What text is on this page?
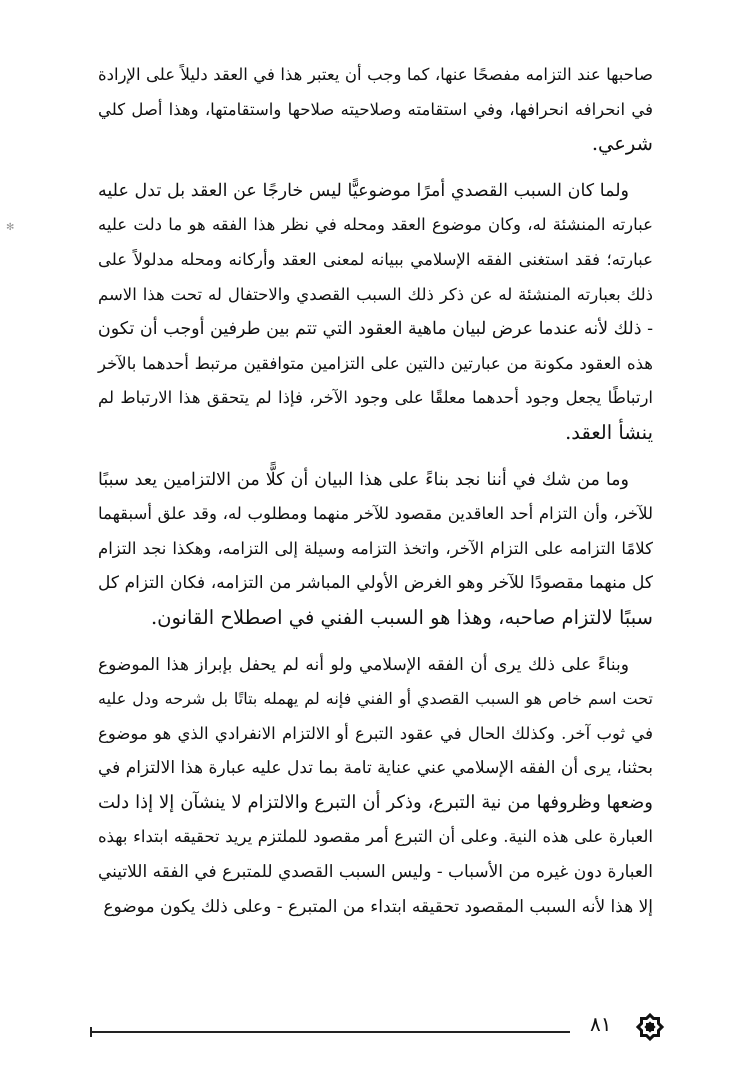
✻
صاحبها عند التزامه مفصحًا عنها، كما وجب أن يعتبر هذا في العقد دليلاً على الإرادة
في انحرافه انحرافها، وفي استقامته وصلاحيته صلاحها واستقامتها، وهذا أصل كلي
شرعي.
ولما كان السبب القصدي أمرًا موضوعيًّا ليس خارجًا عن العقد بل تدل عليه
عبارته المنشئة له، وكان موضوع العقد ومحله في نظر هذا الفقه هو ما دلت عليه
عبارته؛ فقد استغنى الفقه الإسلامي ببيانه لمعنى العقد وأركانه ومحله مدلولاً على
ذلك بعبارته المنشئة له عن ذكر ذلك السبب القصدي والاحتفال له تحت هذا الاسم
- ذلك لأنه عندما عرض لبيان ماهية العقود التي تتم بين طرفين أوجب أن تكون
هذه العقود مكونة من عبارتين دالتين على التزامين متوافقين مرتبط أحدهما بالآخر
ارتباطًا يجعل وجود أحدهما معلقًا على وجود الآخر، فإذا لم يتحقق هذا الارتباط لم
ينشأ العقد.
وما من شك في أننا نجد بناءً على هذا البيان أن كلًّا من الالتزامين يعد سببًا
للآخر، وأن التزام أحد العاقدين مقصود للآخر منهما ومطلوب له، وقد علق أسبقهما
كلامًا التزامه على التزام الآخر، واتخذ التزامه وسيلة إلى التزامه، وهكذا نجد التزام
كل منهما مقصودًا للآخر وهو الغرض الأولي المباشر من التزامه، فكان التزام كل
سببًا لالتزام صاحبه، وهذا هو السبب الفني في اصطلاح القانون.
وبناءً على ذلك يرى أن الفقه الإسلامي ولو أنه لم يحفل بإبراز هذا الموضوع
تحت اسم خاص هو السبب القصدي أو الفني فإنه لم يهمله بتاتًا بل شرحه ودل عليه
في ثوب آخر. وكذلك الحال في عقود التبرع أو الالتزام الانفرادي الذي هو موضوع
بحثنا، يرى أن الفقه الإسلامي عني عناية تامة بما تدل عليه عبارة هذا الالتزام في
وضعها وظروفها من نية التبرع، وذكر أن التبرع والالتزام لا ينشآن إلا إذا دلت
العبارة على هذه النية. وعلى أن التبرع أمر مقصود للملتزم يريد تحقيقه ابتداء بهذه
العبارة دون غيره من الأسباب - وليس السبب القصدي للمتبرع في الفقه اللاتيني
إلا هذا لأنه السبب المقصود تحقيقه ابتداء من المتبرع - وعلى ذلك يكون موضوع
٨١
